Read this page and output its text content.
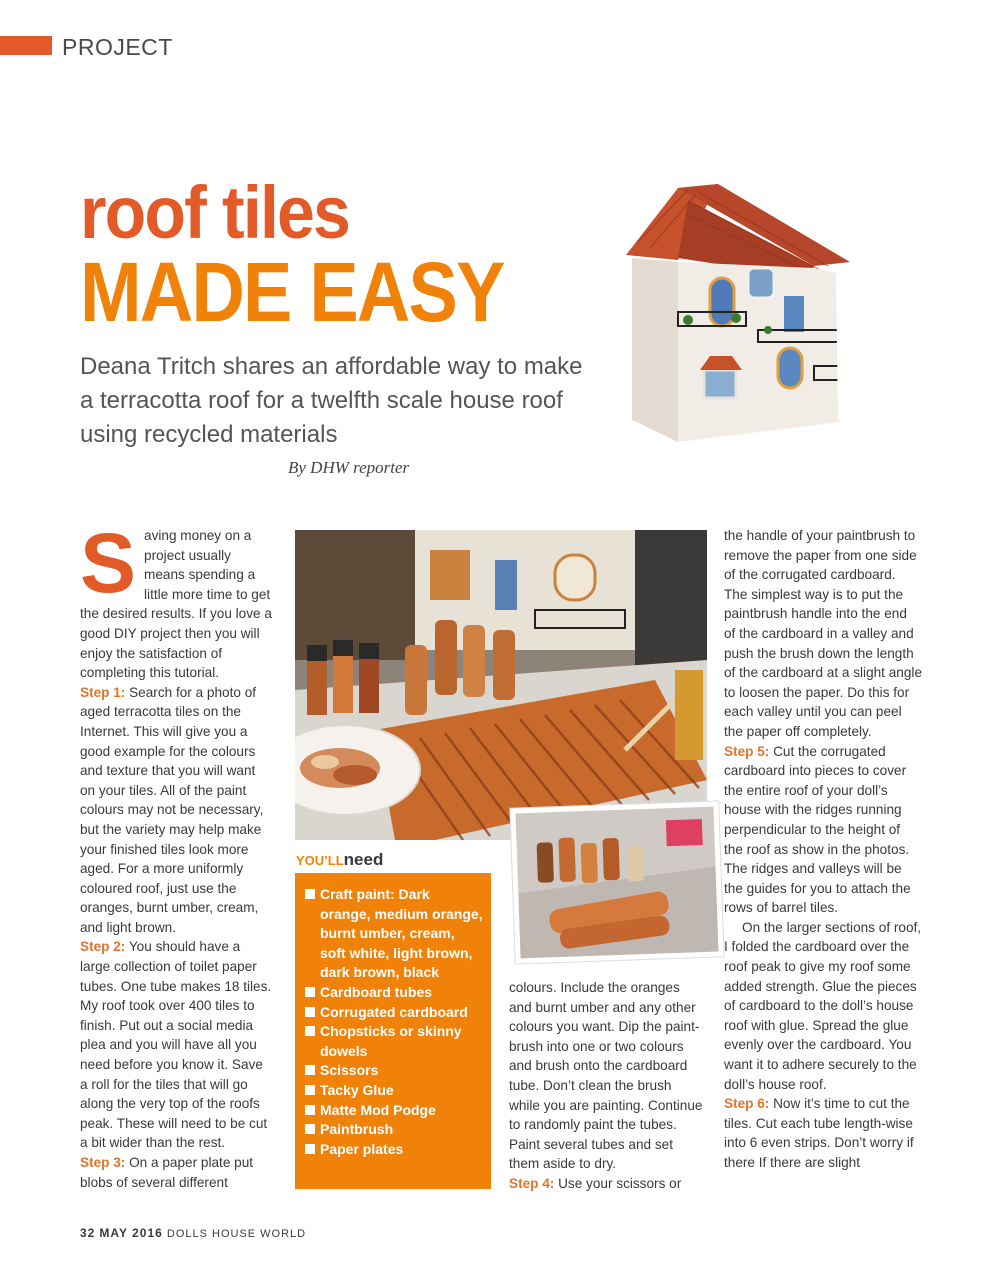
PROJECT
roof tiles
MADE EASY
Deana Tritch shares an affordable way to make a terracotta roof for a twelfth scale house roof using recycled materials
By DHW reporter
S aving money on a project usually means spending a little more time to get the desired results. If you love a good DIY project then you will enjoy the satisfaction of completing this tutorial.

Step 1: Search for a photo of aged terracotta tiles on the Internet. This will give you a good example for the colours and texture that you will want on your tiles. All of the paint colours may not be necessary, but the variety may help make your finished tiles look more aged. For a more uniformly coloured roof, just use the oranges, burnt umber, cream, and light brown.

Step 2: You should have a large collection of toilet paper tubes. One tube makes 18 tiles. My roof took over 400 tiles to finish. Put out a social media plea and you will have all you need before you know it. Save a roll for the tiles that will go along the very top of the roofs peak. These will need to be cut a bit wider than the rest.

Step 3: On a paper plate put blobs of several different

YOU’LLneed
Craft paint: Dark orange, medium orange, burnt umber, cream, soft white, light brown, dark brown, black
Cardboard tubes
Corrugated cardboard
Chopsticks or skinny dowels
Scissors
Tacky Glue
Matte Mod Podge
Paintbrush
Paper plates

colours. Include the oranges and burnt umber and any other colours you want. Dip the paint-brush into one or two colours and brush onto the cardboard tube. Don’t clean the brush while you are painting. Continue to randomly paint the tubes. Paint several tubes and set them aside to dry.

Step 4: Use your scissors or

the handle of your paintbrush to remove the paper from one side of the corrugated cardboard. The simplest way is to put the paintbrush handle into the end of the cardboard in a valley and push the brush down the length of the cardboard at a slight angle to loosen the paper. Do this for each valley until you can peel the paper off completely.

Step 5: Cut the corrugated cardboard into pieces to cover the entire roof of your doll’s house with the ridges running perpendicular to the height of the roof as show in the photos. The ridges and valleys will be the guides for you to attach the rows of barrel tiles.

On the larger sections of roof, I folded the cardboard over the roof peak to give my roof some added strength. Glue the pieces of cardboard to the doll’s house roof with glue. Spread the glue evenly over the cardboard. You want it to adhere securely to the doll’s house roof.

Step 6: Now it’s time to cut the tiles. Cut each tube length-wise into 6 even strips. Don’t worry if there If there are slight

32 MAY 2016 DOLLS HOUSE WORLD
